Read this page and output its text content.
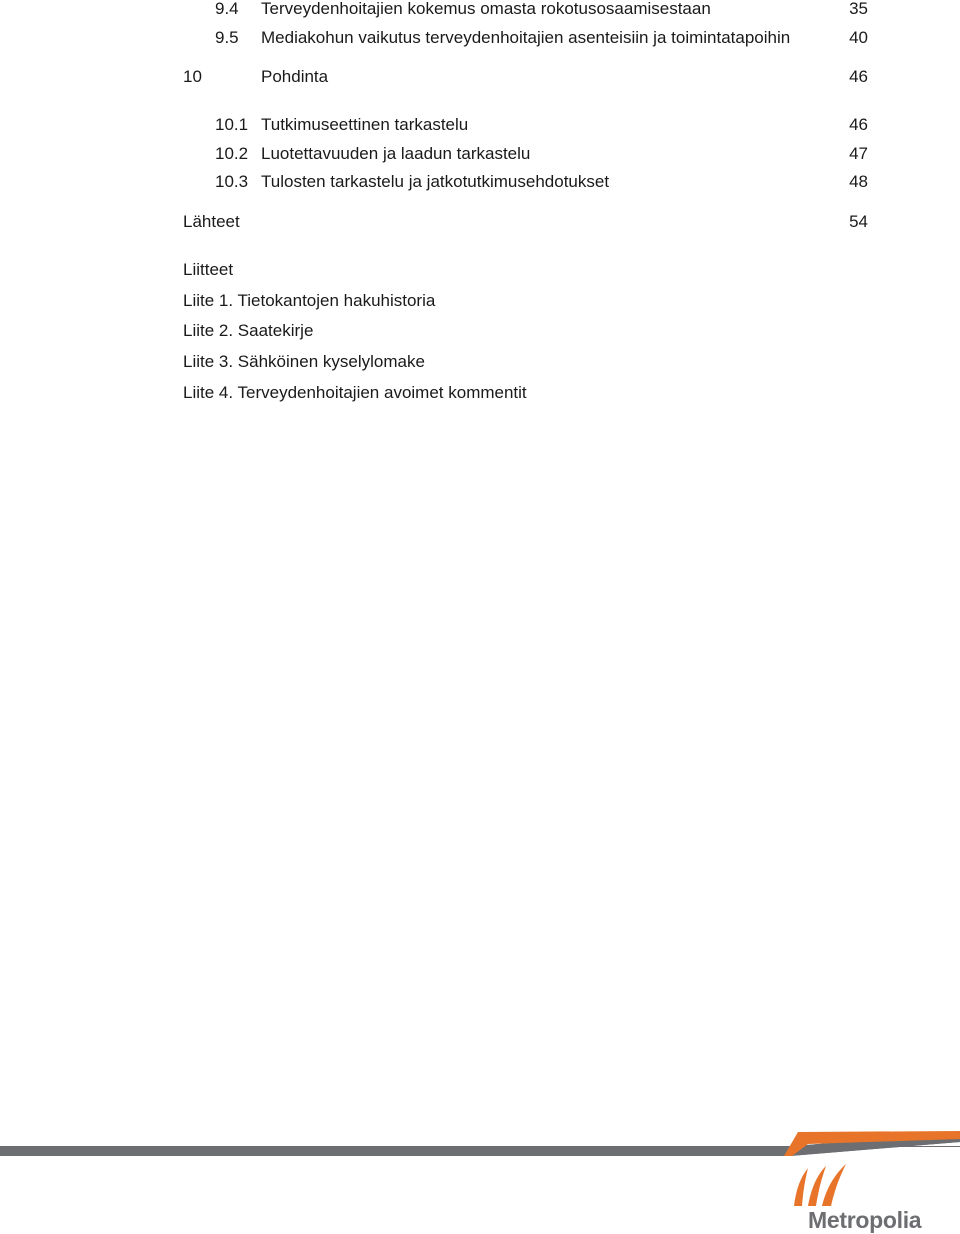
9.4 Terveydenhoitajien kokemus omasta rokotusosaamisestaan	35
9.5 Mediakohun vaikutus terveydenhoitajien asenteisiin ja toimintatapoihin	40
10	Pohdinta	46
10.1 Tutkimuseettinen tarkastelu	46
10.2 Luotettavuuden ja laadun tarkastelu	47
10.3 Tulosten tarkastelu ja jatkotutkimusehdotukset	48
Lähteet	54
Liitteet
Liite 1. Tietokantojen hakuhistoria
Liite 2. Saatekirje
Liite 3. Sähköinen kyselylomake
Liite 4. Terveydenhoitajien avoimet kommentit
Metropolia
